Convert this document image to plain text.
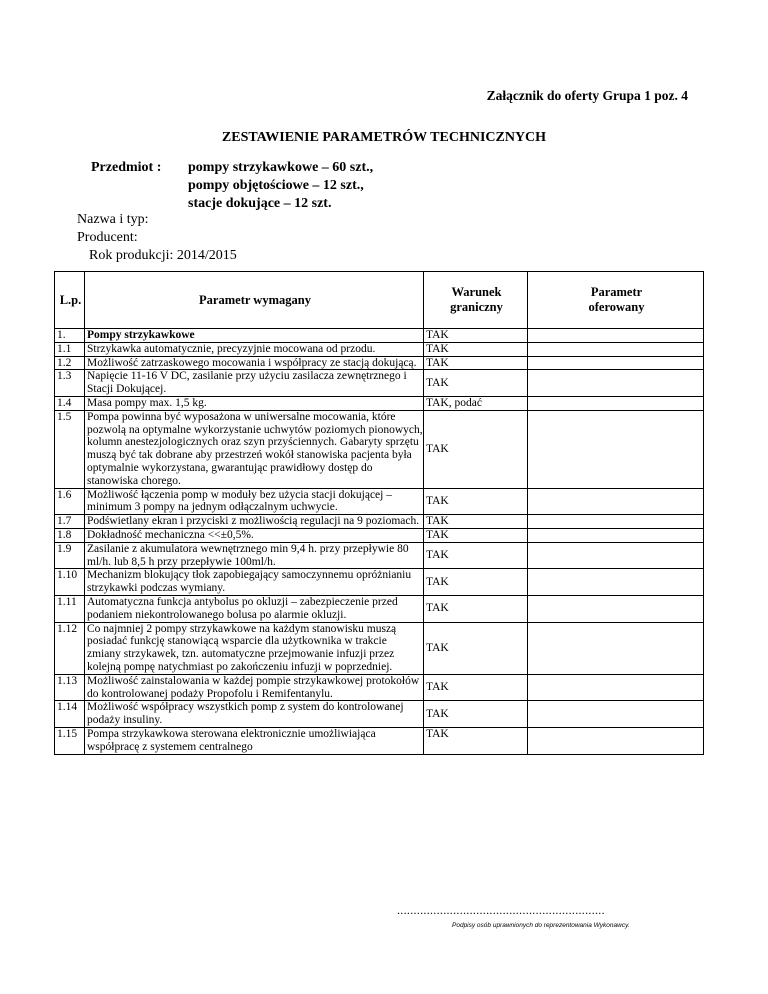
Załącznik do oferty Grupa 1 poz. 4
ZESTAWIENIE PARAMETRÓW TECHNICZNYCH
Przedmiot :	pompy strzykawkowe – 60 szt.,
pompy objętościowe – 12 szt.,
stacje dokujące – 12 szt.
Nazwa i typ:
Producent:
Rok produkcji: 2014/2015
L.p.	Parametr wymagany	Warunek graniczny	Parametr oferowany

1.	Pompy strzykawkowe	TAK	
1.1	Strzykawka automatycznie, precyzyjnie mocowana od przodu.	TAK	
1.2	Możliwość zatrzaskowego mocowania i współpracy ze stacją dokującą.	TAK	
1.3	Napięcie 11-16 V DC, zasilanie przy użyciu zasilacza zewnętrznego i Stacji Dokującej.	TAK	
1.4	Masa pompy max. 1,5 kg.	TAK, podać	
1.5	Pompa powinna być wyposażona w uniwersalne mocowania, które pozwolą na optymalne wykorzystanie uchwytów poziomych pionowych, kolumn anestezjologicznych oraz szyn przyściennych. Gabaryty sprzętu muszą być tak dobrane aby przestrzeń wokół stanowiska pacjenta była optymalnie wykorzystana, gwarantując prawidłowy dostęp do stanowiska chorego.	TAK	
1.6	Możliwość łączenia pomp w moduły bez użycia stacji dokującej – minimum 3 pompy na jednym odłączalnym uchwycie.	TAK	
1.7	Podświetlany ekran i przyciski z możliwością regulacji na 9 poziomach.	TAK	
1.8	Dokładność mechaniczna <<±0,5%.	TAK	
1.9	Zasilanie z akumulatora wewnętrznego min 9,4 h. przy przepływie 80 ml/h. lub 8,5 h przy przepływie 100ml/h.	TAK	
1.10	Mechanizm blokujący tłok zapobiegający samoczynnemu opróżnianiu strzykawki podczas wymiany.	TAK	
1.11	Automatyczna funkcja antybolus po okluzji – zabezpieczenie przed podaniem niekontrolowanego bolusa po alarmie okluzji.	TAK	
1.12	Co najmniej 2 pompy strzykawkowe na każdym stanowisku muszą posiadać funkcję stanowiącą wsparcie dla użytkownika w trakcie zmiany strzykawek, tzn. automatyczne przejmowanie infuzji przez kolejną pompę natychmiast po zakończeniu infuzji w poprzedniej.	TAK	
1.13	Możliwość zainstalowania w każdej pompie strzykawkowej protokołów do kontrolowanej podaży Propofolu i Remifentanylu.	TAK	
1.14	Możliwość współpracy wszystkich pomp z system do kontrolowanej podaży insuliny.	TAK	
1.15	Pompa strzykawkowa sterowana elektronicznie umożliwiająca współpracę z systemem centralnego	TAK	
...............................................................
Podpisy osób uprawnionych do reprezentowania Wykonawcy.
